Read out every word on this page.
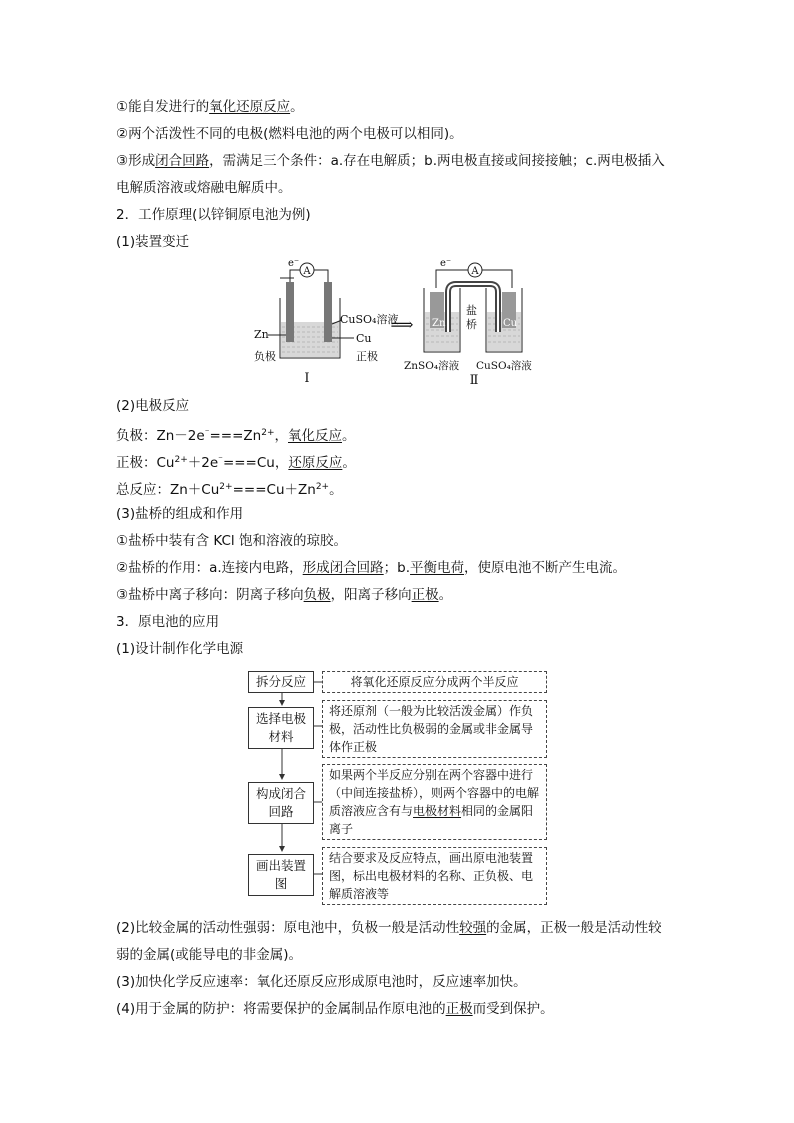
①能自发进行的氧化还原反应。
②两个活泼性不同的电极(燃料电池的两个电极可以相同)。
③形成闭合回路，需满足三个条件：a.存在电解质；b.两电极直接或间接接触；c.两电极插入
电解质溶液或熔融电解质中。
2．工作原理(以锌铜原电池为例)
(1)装置变迁
A
e⁻
Zn
负极
CuSO₄溶液
Cu
正极
Ⅰ
⟹
A
e⁻
Zn	Cu
盐
桥
ZnSO₄溶液 CuSO₄溶液
Ⅱ
(2)电极反应
负极：$Zn-2e^{^-}===Zn^{2+}$，氧化反应。
正极：$Cu^{2+}+2e^{^-}===Cu$，还原反应。
总反应：$Zn+Cu^{2+}===Cu+Zn^{2+}$。
(3)盐桥的组成和作用
①盐桥中装有含 KCl 饱和溶液的琼胶。
②盐桥的作用：a.连接内电路，形成闭合回路；b.平衡电荷，使原电池不断产生电流。
③盐桥中离子移向：阴离子移向负极，阳离子移向正极。
3．原电池的应用
(1)设计制作化学电源
拆分反应
选择电极
材料
构成闭合
回路
画出装置
图
将氧化还原反应分成两个半反应
将还原剂（一般为比较活泼金属）作负极，活动性比负极弱的金属或非金属导体作正极
如果两个半反应分别在两个容器中进行（中间连接盐桥），则两个容器中的电解质溶液应含有与电极材料相同的金属阳离子
结合要求及反应特点，画出原电池装置图，标出电极材料的名称、正负极、电解质溶液等
(2)比较金属的活动性强弱：原电池中，负极一般是活动性较强的金属，正极一般是活动性较
弱的金属(或能导电的非金属)。
(3)加快化学反应速率：氧化还原反应形成原电池时，反应速率加快。
(4)用于金属的防护：将需要保护的金属制品作原电池的正极而受到保护。
